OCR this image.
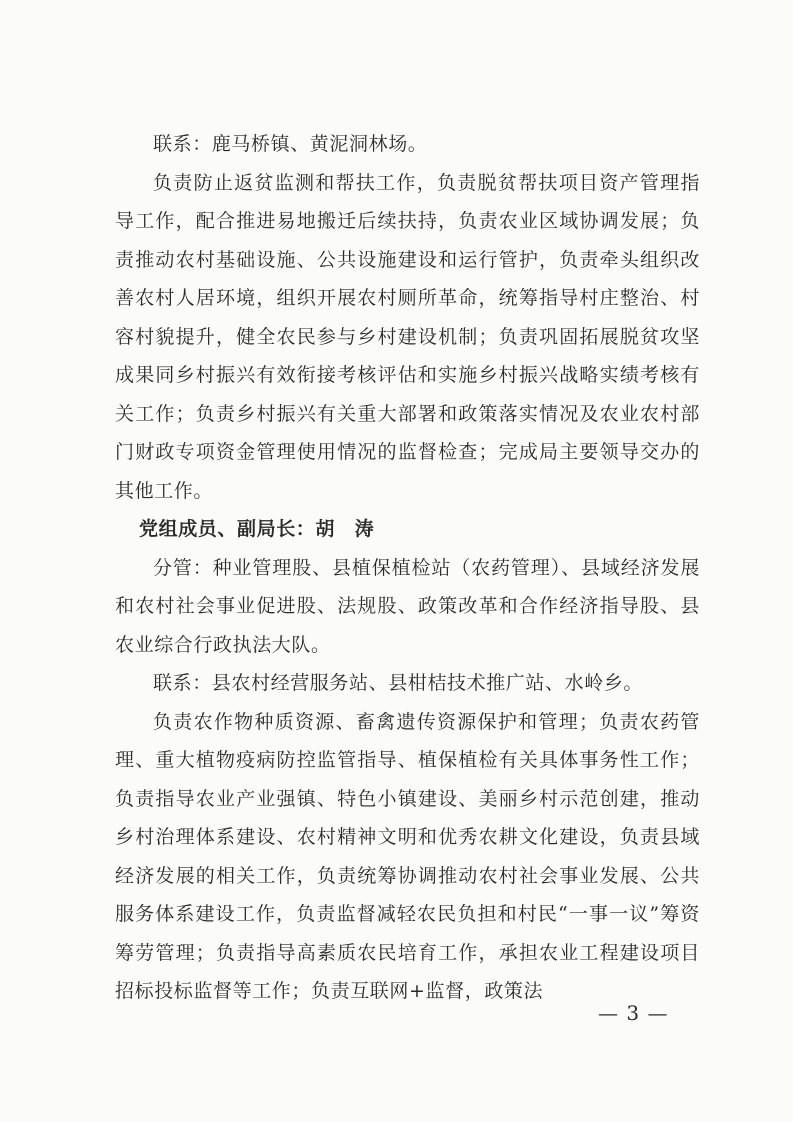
联系：鹿马桥镇、黄泥洞林场。

负责防止返贫监测和帮扶工作，负责脱贫帮扶项目资产管理指导工作，配合推进易地搬迁后续扶持，负责农业区域协调发展；负责推动农村基础设施、公共设施建设和运行管护，负责牵头组织改善农村人居环境，组织开展农村厕所革命，统筹指导村庄整治、村容村貌提升，健全农民参与乡村建设机制；负责巩固拓展脱贫攻坚成果同乡村振兴有效衔接考核评估和实施乡村振兴战略实绩考核有关工作；负责乡村振兴有关重大部署和政策落实情况及农业农村部门财政专项资金管理使用情况的监督检查；完成局主要领导交办的其他工作。

党组成员、副局长：胡　涛

分管：种业管理股、县植保植检站（农药管理）、县域经济发展和农村社会事业促进股、法规股、政策改革和合作经济指导股、县农业综合行政执法大队。

联系：县农村经营服务站、县柑桔技术推广站、水岭乡。

负责农作物种质资源、畜禽遗传资源保护和管理；负责农药管理、重大植物疫病防控监管指导、植保植检有关具体事务性工作；负责指导农业产业强镇、特色小镇建设、美丽乡村示范创建，推动乡村治理体系建设、农村精神文明和优秀农耕文化建设，负责县域经济发展的相关工作，负责统筹协调推动农村社会事业发展、公共服务体系建设工作，负责监督减轻农民负担和村民“一事一议”筹资筹劳管理；负责指导高素质农民培育工作，承担农业工程建设项目招标投标监督等工作；负责互联网+监督，政策法

— 3 —
